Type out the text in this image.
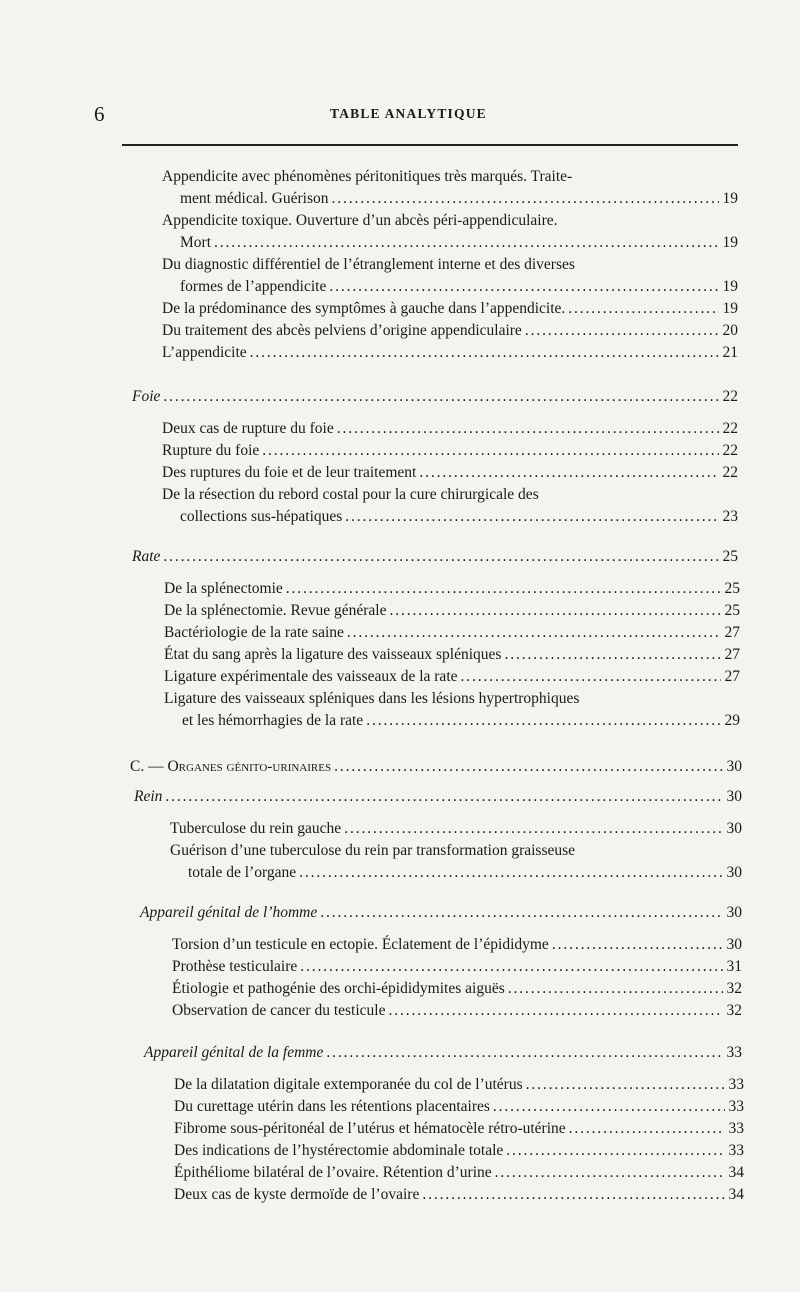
6	TABLE ANALYTIQUE
Appendicite avec phénomènes péritonitiques très marqués. Traite-
ment médical. Guérison . . .	19
Appendicite toxique. Ouverture d’un abcès péri-appendiculaire.
Mort . . .	19
Du diagnostic différentiel de l’étranglement interne et des diverses
formes de l’appendicite . . .	19
De la prédominance des symptômes à gauche dans l’appendicite. . . .	19
Du traitement des abcès pelviens d’origine appendiculaire . . .	20
L’appendicite . . .	21
Foie . . .	22
Deux cas de rupture du foie . . .	22
Rupture du foie . . .	22
Des ruptures du foie et de leur traitement . . .	22
De la résection du rebord costal pour la cure chirurgicale des
collections sus-hépatiques . . .	23
Rate . . .	25
De la splénectomie . . .	25
De la splénectomie. Revue générale . . .	25
Bactériologie de la rate saine . . .	27
État du sang après la ligature des vaisseaux spléniques . . .	27
Ligature expérimentale des vaisseaux de la rate . . .	27
Ligature des vaisseaux spléniques dans les lésions hypertrophiques
et les hémorrhagies de la rate . . .	29
C. — Organes génito-urinaires . . .	30
Rein . . .	30
Tuberculose du rein gauche . . .	30
Guérison d’une tuberculose du rein par transformation graisseuse
totale de l’organe . . .	30
Appareil génital de l’homme . . .	30
Torsion d’un testicule en ectopie. Éclatement de l’épididyme . . .	30
Prothèse testiculaire . . .	31
Étiologie et pathogénie des orchi-épididymites aiguës . . .	32
Observation de cancer du testicule . . .	32
Appareil génital de la femme . . .	33
De la dilatation digitale extemporanée du col de l’utérus . . .	33
Du curettage utérin dans les rétentions placentaires . . .	33
Fibrome sous-péritonéal de l’utérus et hématocèle rétro-utérine . . .	33
Des indications de l’hystérectomie abdominale totale . . .	33
Épithéliome bilatéral de l’ovaire. Rétention d’urine . . .	34
Deux cas de kyste dermoïde de l’ovaire . . .	34
